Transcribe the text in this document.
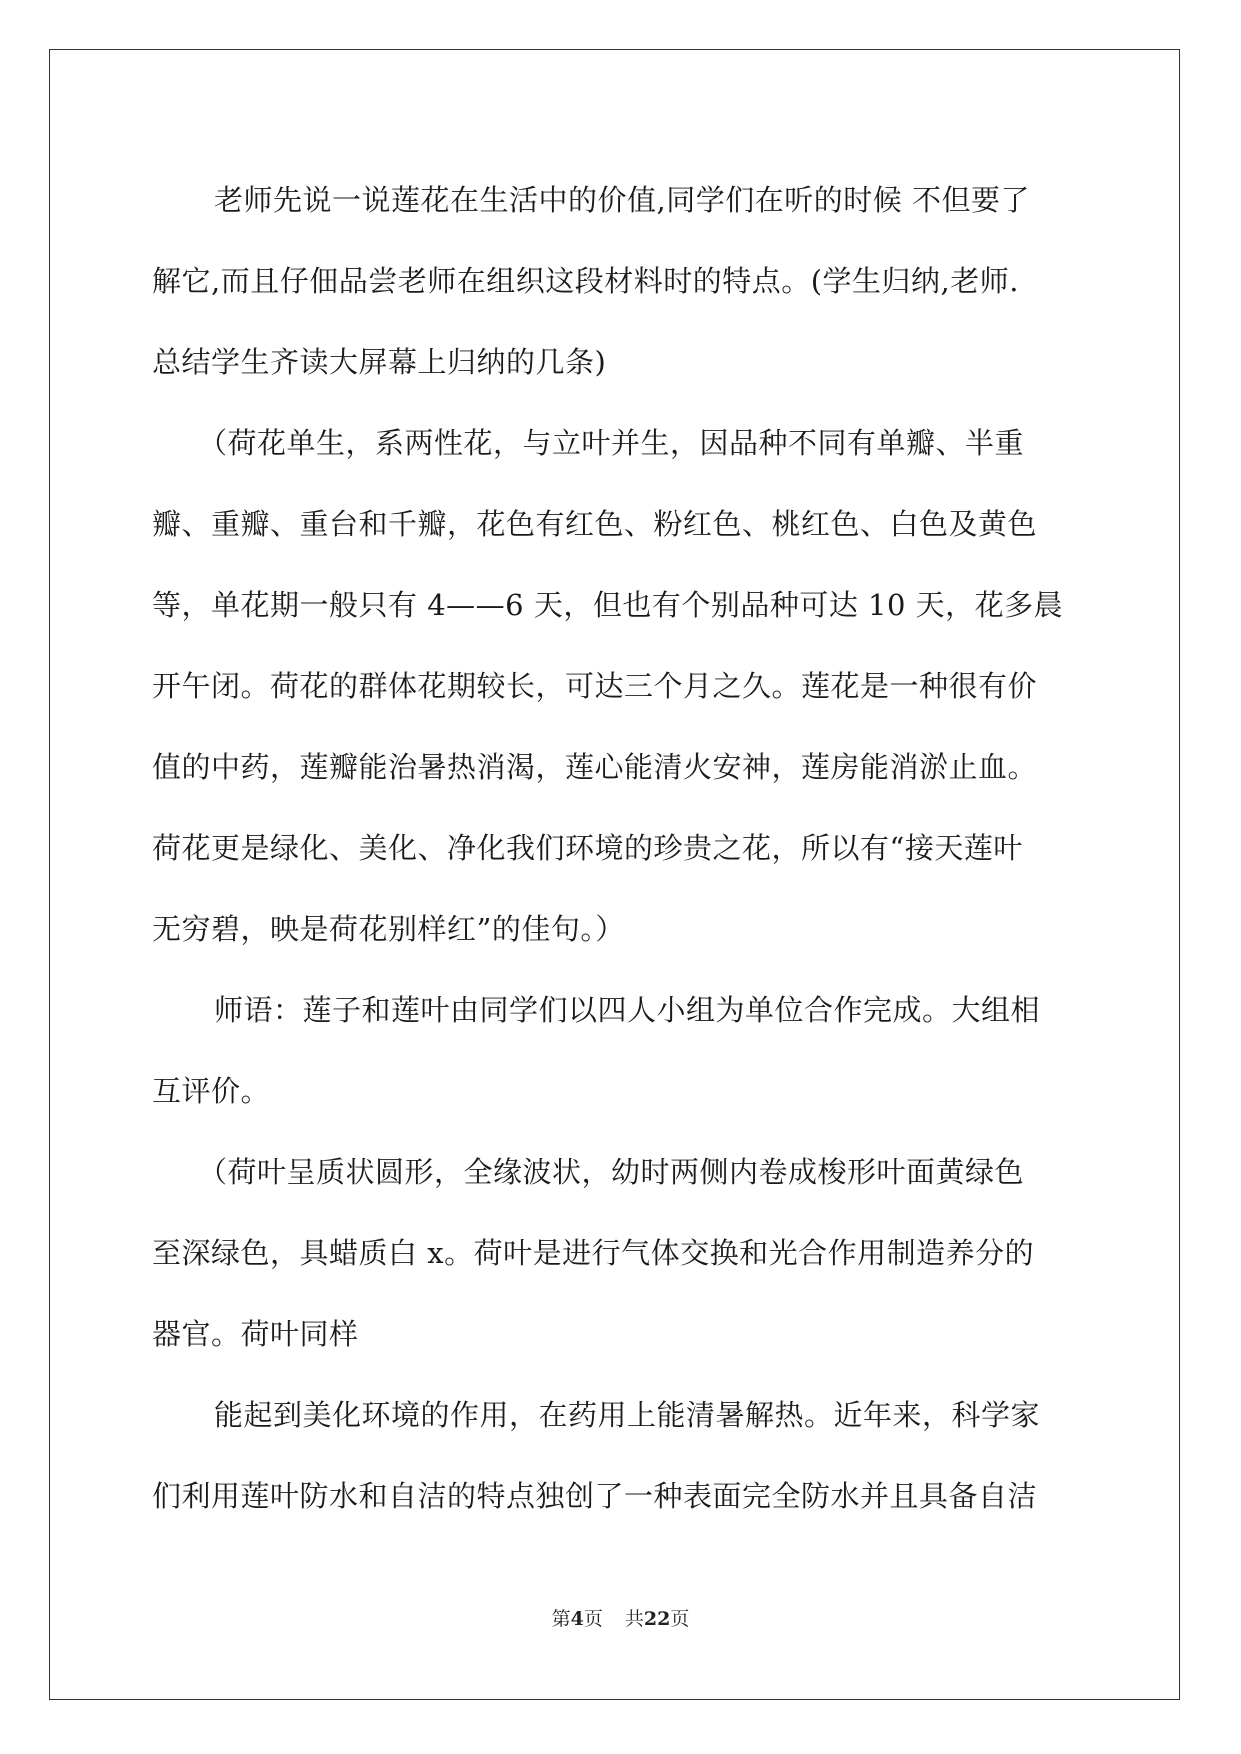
老师先说一说莲花在生活中的价值,同学们在听的时候 不但要了
解它,而且仔佃品尝老师在组织这段材料时的特点。(学生归纳,老师.
总结学生齐读大屏幕上归纳的几条)
（荷花单生，系两性花，与立叶并生，因品种不同有单瓣、半重
瓣、重瓣、重台和千瓣，花色有红色、粉红色、桃红色、白色及黄色
等，单花期一般只有 4——6 天，但也有个别品种可达 10 天，花多晨
开午闭。荷花的群体花期较长，可达三个月之久。莲花是一种很有价
值的中药，莲瓣能治暑热消渴，莲心能清火安神，莲房能消淤止血。
荷花更是绿化、美化、净化我们环境的珍贵之花，所以有“接天莲叶
无穷碧，映是荷花别样红”的佳句。）
师语：莲子和莲叶由同学们以四人小组为单位合作完成。大组相
互评价。
（荷叶呈质状圆形，全缘波状，幼时两侧内卷成梭形叶面黄绿色
至深绿色，具蜡质白 x。荷叶是进行气体交换和光合作用制造养分的
器官。荷叶同样
能起到美化环境的作用，在药用上能清暑解热。近年来，科学家
们利用莲叶防水和自洁的特点独创了一种表面完全防水并且具备自洁
第4页 共22页
